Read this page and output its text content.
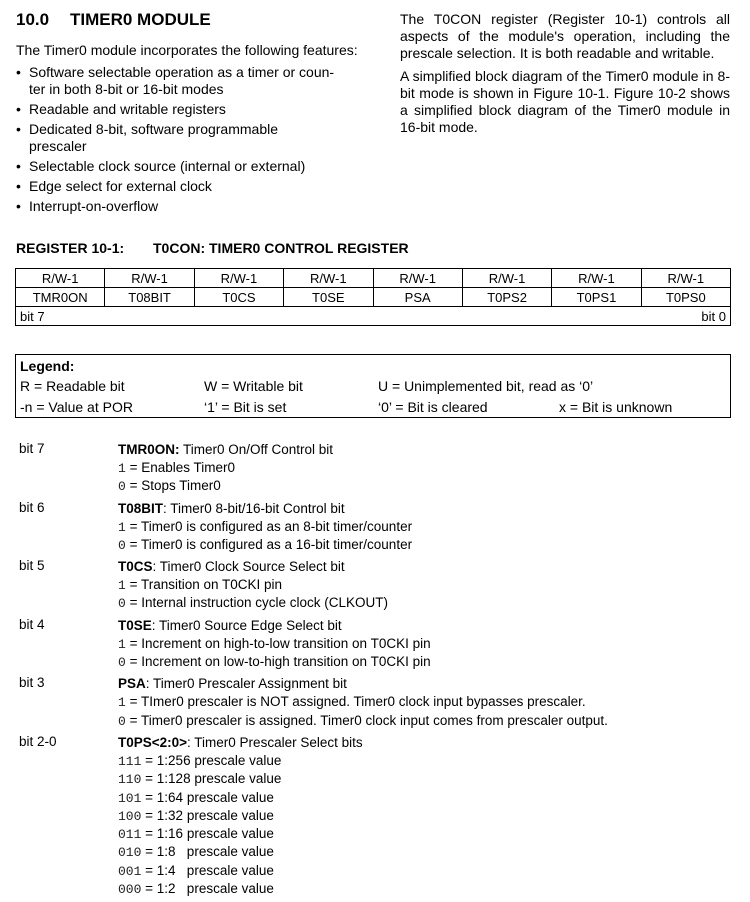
10.0 TIMER0 MODULE
The Timer0 module incorporates the following features:
• Software selectable operation as a timer or coun-
ter in both 8-bit or 16-bit modes
• Readable and writable registers
• Dedicated 8-bit, software programmable
prescaler
• Selectable clock source (internal or external)
• Edge select for external clock
• Interrupt-on-overflow

The T0CON register (Register 10-1) controls all aspects of the module's operation, including the prescale selection. It is both readable and writable.

A simplified block diagram of the Timer0 module in 8-bit mode is shown in Figure 10-1. Figure 10-2 shows a simplified block diagram of the Timer0 module in 16-bit mode.

REGISTER 10-1: T0CON: TIMER0 CONTROL REGISTER
R/W-1	R/W-1	R/W-1	R/W-1	R/W-1	R/W-1	R/W-1	R/W-1
TMR0ON	T08BIT	T0CS	T0SE	PSA	T0PS2	T0PS1	T0PS0
bit 7 bit 0							
Legend:
R = Readable bit	W = Writable bit	U = Unimplemented bit, read as ‘0’
-n = Value at POR	‘1’ = Bit is set	‘0’ = Bit is cleared	x = Bit is unknown
bit 7	TMR0ON: Timer0 On/Off Control bit
1 = Enables Timer0
0 = Stops Timer0
bit 6	T08BIT: Timer0 8-bit/16-bit Control bit
1 = Timer0 is configured as an 8-bit timer/counter
0 = Timer0 is configured as a 16-bit timer/counter
bit 5	T0CS: Timer0 Clock Source Select bit
1 = Transition on T0CKI pin
0 = Internal instruction cycle clock (CLKOUT)
bit 4	T0SE: Timer0 Source Edge Select bit
1 = Increment on high-to-low transition on T0CKI pin
0 = Increment on low-to-high transition on T0CKI pin
bit 3	PSA: Timer0 Prescaler Assignment bit
1 = TImer0 prescaler is NOT assigned. Timer0 clock input bypasses prescaler.
0 = Timer0 prescaler is assigned. Timer0 clock input comes from prescaler output.
bit 2-0	T0PS<2:0>: Timer0 Prescaler Select bits
111 = 1:256 prescale value
110 = 1:128 prescale value
101 = 1:64 prescale value
100 = 1:32 prescale value
011 = 1:16 prescale value
010 = 1:8   prescale value
001 = 1:4   prescale value
000 = 1:2   prescale value
